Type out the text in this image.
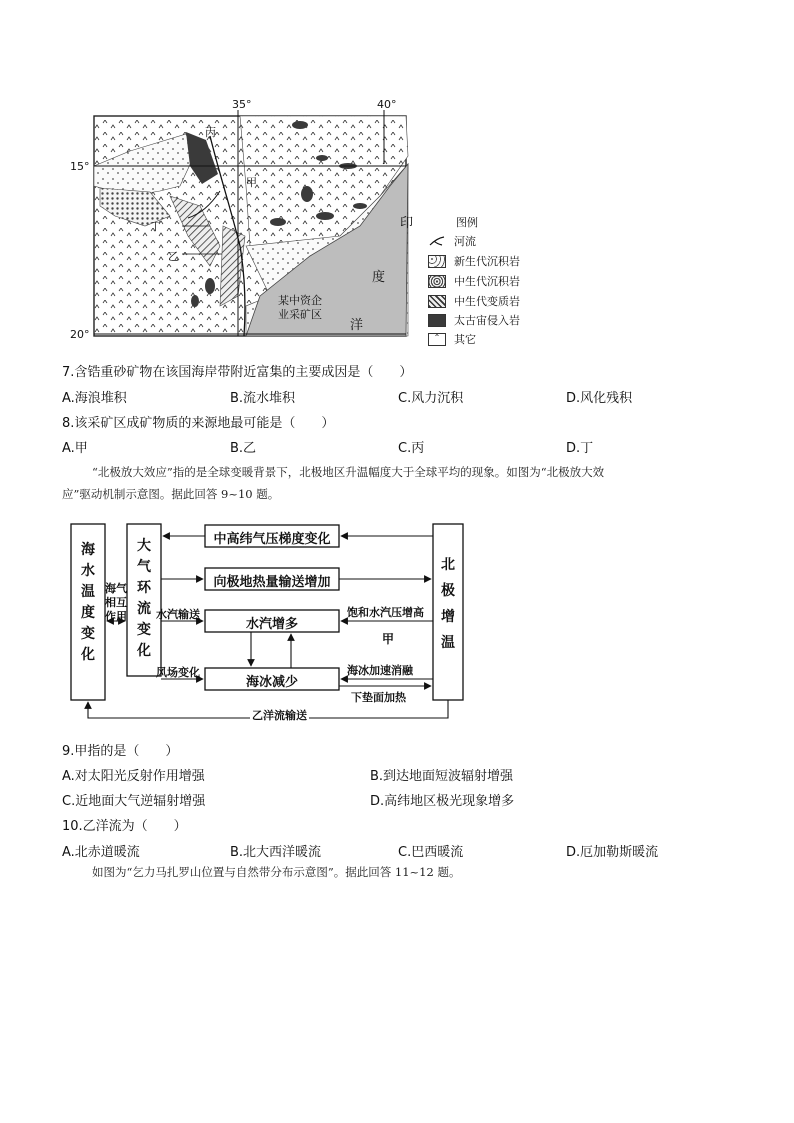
35°	40°
15°
20°
丙
甲
丁
乙
印
度
洋
某中资企
业采矿区
图例
河流
新生代沉积岩
中生代沉积岩
中生代变质岩
太古宙侵入岩
⌃	其它
7.含锆重砂矿物在该国海岸带附近富集的主要成因是（　　）
A.海浪堆积	B.流水堆积	C.风力沉积	D.风化残积
8.该采矿区成矿物质的来源地最可能是（　　）
A.甲	B.乙	C.丙	D.丁
“北极放大效应”指的是全球变暖背景下，北极地区升温幅度大于全球平均的现象。如图为“北极放大效
应”驱动机制示意图。据此回答 9~10 题。
海
水
温
度
变
化
大
气
环
流
变
化
北
极
增
温
中高纬气压梯度变化
向极地热量输送增加
水汽增多
海冰减少
海气
相互
作用	水汽输送
风场变化
饱和水汽压增高
甲
海冰加速消融
下垫面加热
乙洋流输送
9.甲指的是（　　）
A.对太阳光反射作用增强	B.到达地面短波辐射增强
C.近地面大气逆辐射增强	D.高纬地区极光现象增多
10.乙洋流为（　　）
A.北赤道暖流	B.北大西洋暖流	C.巴西暖流	D.厄加勒斯暖流
如图为“乞力马扎罗山位置与自然带分布示意图”。据此回答 11~12 题。
